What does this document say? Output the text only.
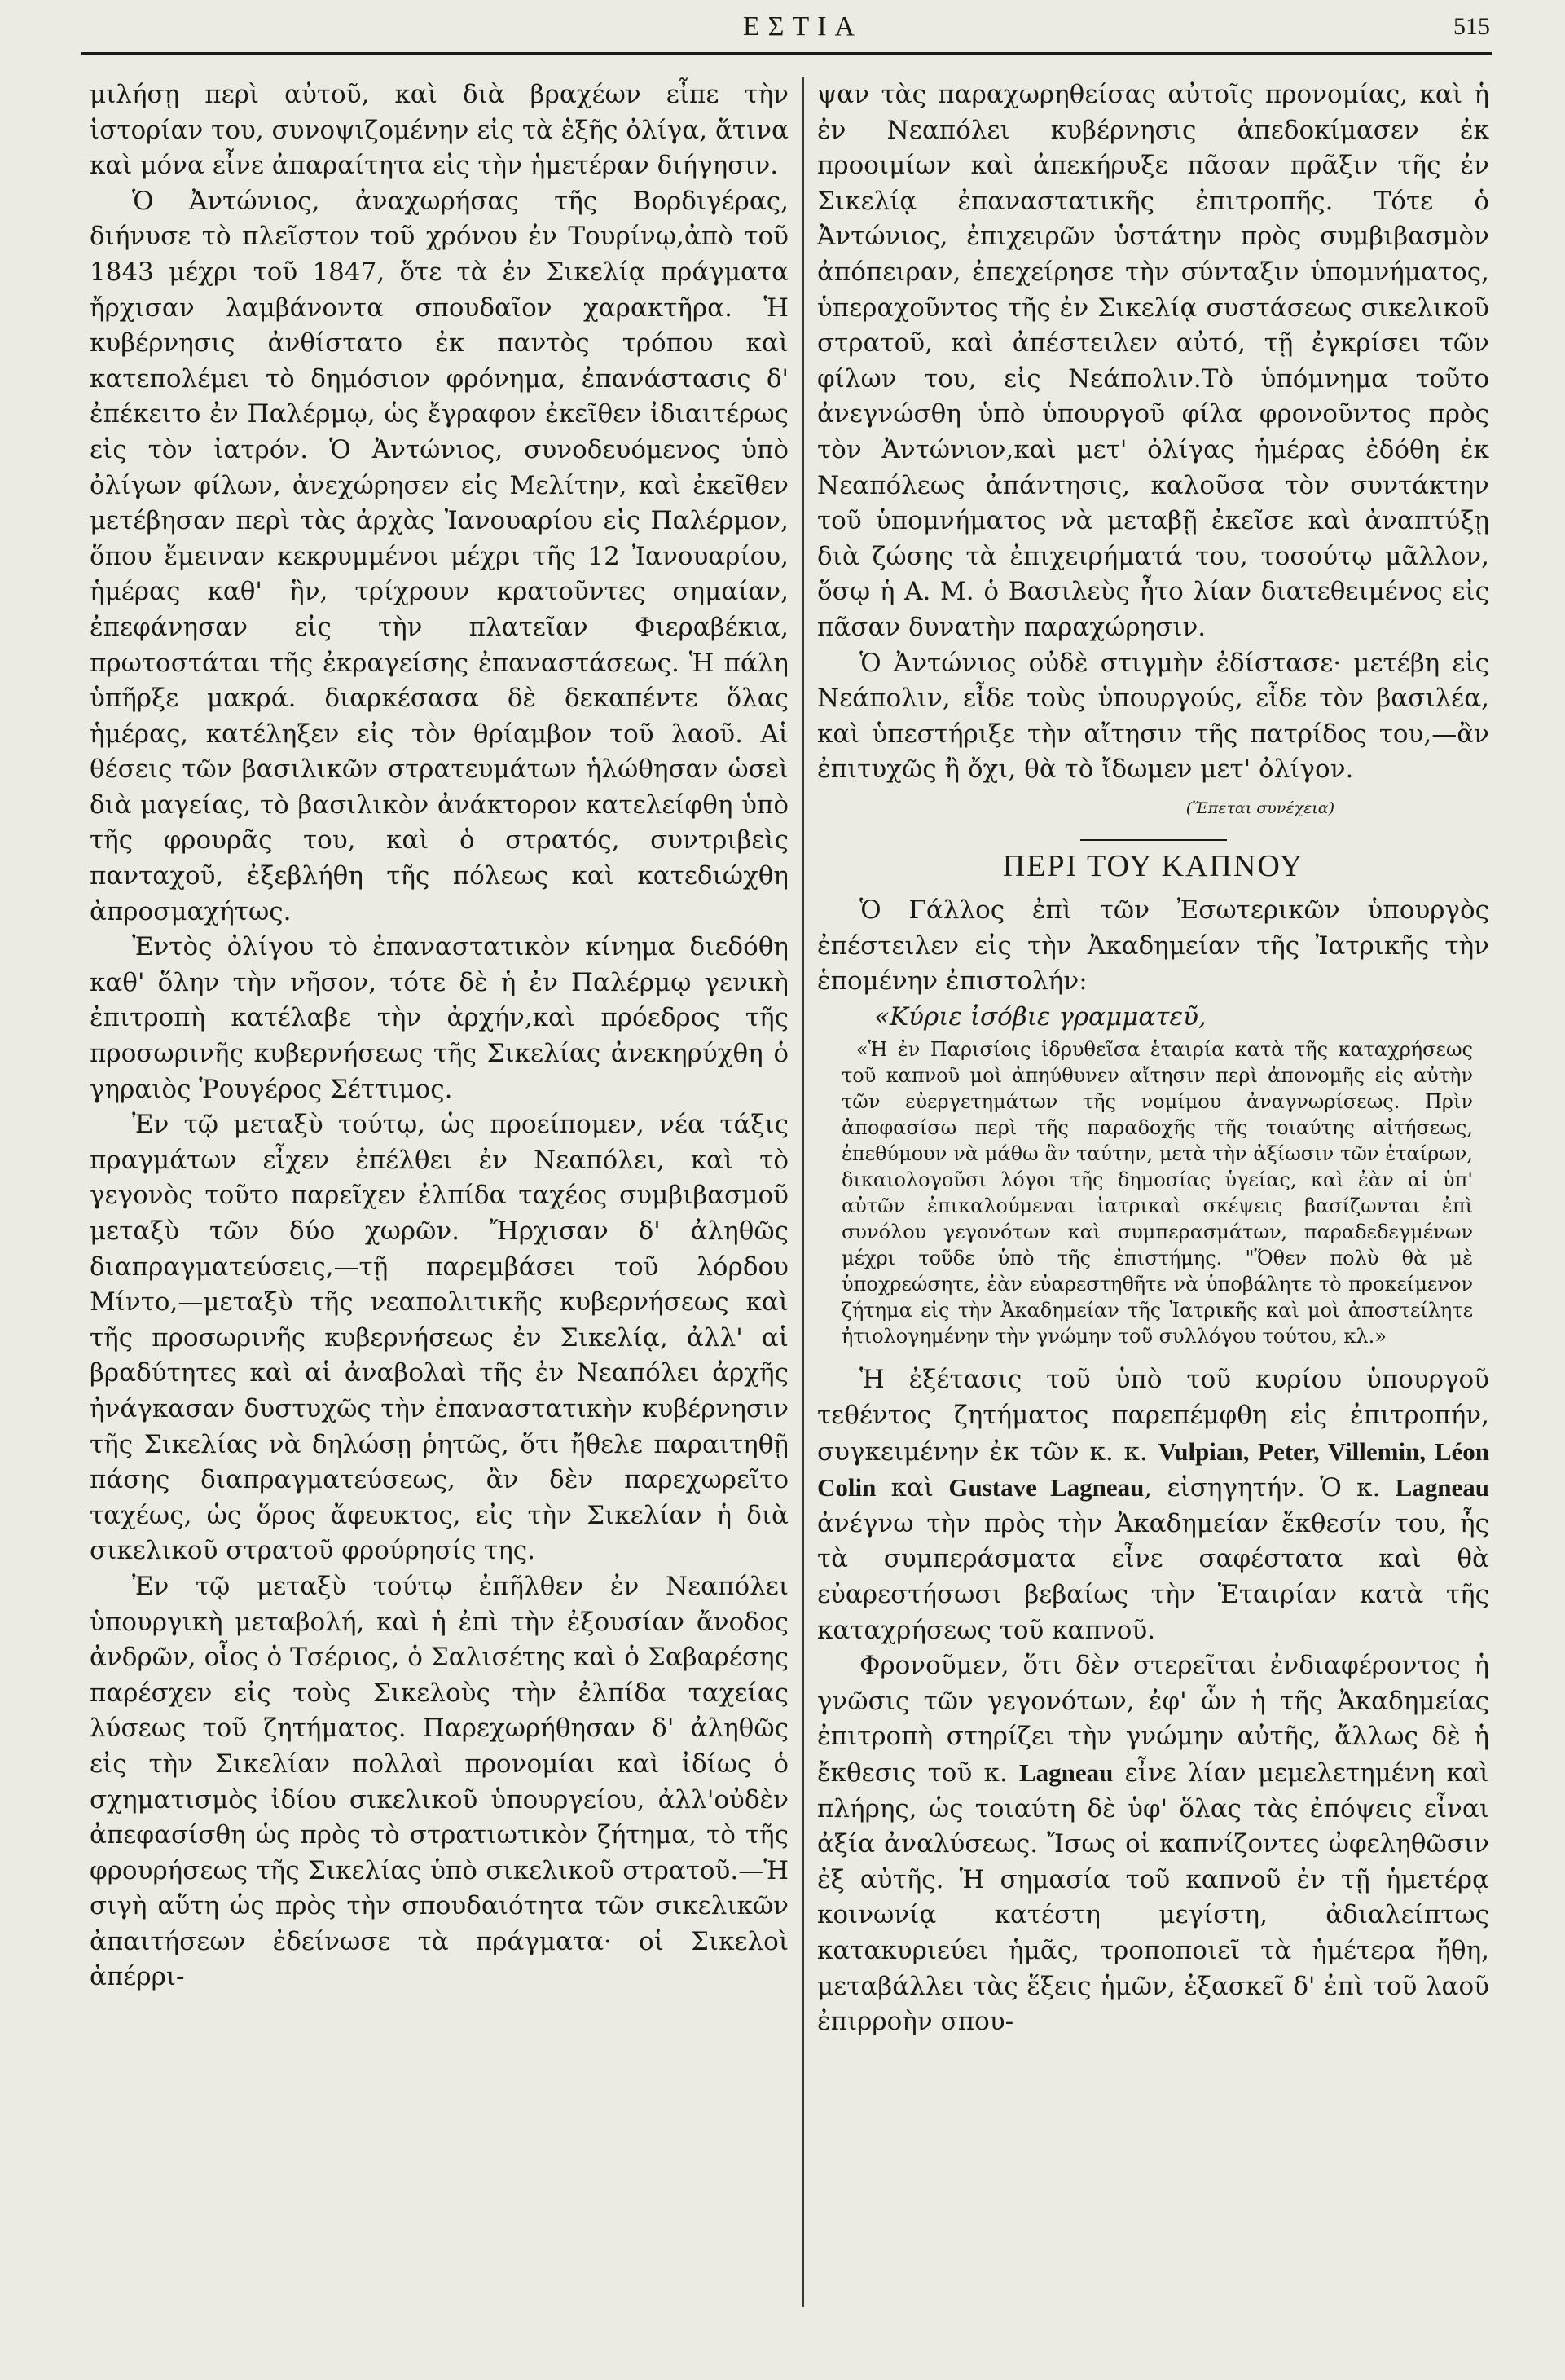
ΕΣΤΙΑ	515

μιλήσῃ περὶ αὐτοῦ, καὶ διὰ βραχέων εἶπε τὴν ἱστορίαν του, συνοψιζομένην εἰς τὰ ἑξῆς ὀλίγα, ἅτινα καὶ μόνα εἶνε ἀπαραίτητα εἰς τὴν ἡμετέραν διήγησιν.

Ὁ Ἀντώνιος, ἀναχωρήσας τῆς Βορδιγέρας, διήνυσε τὸ πλεῖστον τοῦ χρόνου ἐν Τουρίνῳ,ἀπὸ τοῦ 1843 μέχρι τοῦ 1847, ὅτε τὰ ἐν Σικελίᾳ πράγματα ἤρχισαν λαμβάνοντα σπουδαῖον χαρακτῆρα. Ἡ κυβέρνησις ἀνθίστατο ἐκ παντὸς τρόπου καὶ κατεπολέμει τὸ δημόσιον φρόνημα, ἐπανάστασις δ' ἐπέκειτο ἐν Παλέρμῳ, ὡς ἔγραφον ἐκεῖθεν ἰδιαιτέρως εἰς τὸν ἰατρόν. Ὁ Ἀντώνιος, συνοδευόμενος ὑπὸ ὀλίγων φίλων, ἀνεχώρησεν εἰς Μελίτην, καὶ ἐκεῖθεν μετέβησαν περὶ τὰς ἀρχὰς Ἰανουαρίου εἰς Παλέρμον, ὅπου ἔμειναν κεκρυμμένοι μέχρι τῆς 12 Ἰανουαρίου, ἡμέρας καθ' ἣν, τρίχρουν κρατοῦντες σημαίαν, ἐπεφάνησαν εἰς τὴν πλατεῖαν Φιεραβέκια, πρωτοστάται τῆς ἐκραγείσης ἐπαναστάσεως. Ἡ πάλη ὑπῆρξε μακρά. διαρκέσασα δὲ δεκαπέντε ὅλας ἡμέρας, κατέληξεν εἰς τὸν θρίαμβον τοῦ λαοῦ. Αἱ θέσεις τῶν βασιλικῶν στρατευμάτων ἡλώθησαν ὡσεὶ διὰ μαγείας, τὸ βασιλικὸν ἀνάκτορον κατελείφθη ὑπὸ τῆς φρουρᾶς του, καὶ ὁ στρατός, συντριβεὶς πανταχοῦ, ἐξεβλήθη τῆς πόλεως καὶ κατεδιώχθη ἀπροσμαχήτως.

Ἐντὸς ὀλίγου τὸ ἐπαναστατικὸν κίνημα διεδόθη καθ' ὅλην τὴν νῆσον, τότε δὲ ἡ ἐν Παλέρμῳ γενικὴ ἐπιτροπὴ κατέλαβε τὴν ἀρχήν,καὶ πρόεδρος τῆς προσωρινῆς κυβερνήσεως τῆς Σικελίας ἀνεκηρύχθη ὁ γηραιὸς Ῥουγέρος Σέττιμος.

Ἐν τῷ μεταξὺ τούτῳ, ὡς προείπομεν, νέα τάξις πραγμάτων εἶχεν ἐπέλθει ἐν Νεαπόλει, καὶ τὸ γεγονὸς τοῦτο παρεῖχεν ἐλπίδα ταχέος συμβιβασμοῦ μεταξὺ τῶν δύο χωρῶν. Ἤρχισαν δ' ἀληθῶς διαπραγματεύσεις,—τῇ παρεμβάσει τοῦ λόρδου Μίντο,—μεταξὺ τῆς νεαπολιτικῆς κυβερνήσεως καὶ τῆς προσωρινῆς κυβερνήσεως ἐν Σικελίᾳ, ἀλλ' αἱ βραδύτητες καὶ αἱ ἀναβολαὶ τῆς ἐν Νεαπόλει ἀρχῆς ἠνάγκασαν δυστυχῶς τὴν ἐπαναστατικὴν κυβέρνησιν τῆς Σικελίας νὰ δηλώσῃ ῥητῶς, ὅτι ἤθελε παραιτηθῇ πάσης διαπραγματεύσεως, ἂν δὲν παρεχωρεῖτο ταχέως, ὡς ὅρος ἄφευκτος, εἰς τὴν Σικελίαν ἡ διὰ σικελικοῦ στρατοῦ φρούρησίς της.

Ἐν τῷ μεταξὺ τούτῳ ἐπῆλθεν ἐν Νεαπόλει ὑπουργικὴ μεταβολή, καὶ ἡ ἐπὶ τὴν ἐξουσίαν ἄνοδος ἀνδρῶν, οἷος ὁ Τσέριος, ὁ Σαλισέτης καὶ ὁ Σαβαρέσης παρέσχεν εἰς τοὺς Σικελοὺς τὴν ἐλπίδα ταχείας λύσεως τοῦ ζητήματος. Παρεχωρήθησαν δ' ἀληθῶς εἰς τὴν Σικελίαν πολλαὶ προνομίαι καὶ ἰδίως ὁ σχηματισμὸς ἰδίου σικελικοῦ ὑπουργείου, ἀλλ'οὐδὲν ἀπεφασίσθη ὡς πρὸς τὸ στρατιωτικὸν ζήτημα, τὸ τῆς φρουρήσεως τῆς Σικελίας ὑπὸ σικελικοῦ στρατοῦ.—Ἡ σιγὴ αὕτη ὡς πρὸς τὴν σπουδαιότητα τῶν σικελικῶν ἀπαιτήσεων ἐδείνωσε τὰ πράγματα· οἱ Σικελοὶ ἀπέρρι-

ψαν τὰς παραχωρηθείσας αὐτοῖς προνομίας, καὶ ἡ ἐν Νεαπόλει κυβέρνησις ἀπεδοκίμασεν ἐκ προοιμίων καὶ ἀπεκήρυξε πᾶσαν πρᾶξιν τῆς ἐν Σικελίᾳ ἐπαναστατικῆς ἐπιτροπῆς. Τότε ὁ Ἀντώνιος, ἐπιχειρῶν ὑστάτην πρὸς συμβιβασμὸν ἀπόπειραν, ἐπεχείρησε τὴν σύνταξιν ὑπομνήματος, ὑπεραχοῦντος τῆς ἐν Σικελίᾳ συστάσεως σικελικοῦ στρατοῦ, καὶ ἀπέστειλεν αὐτό, τῇ ἐγκρίσει τῶν φίλων του, εἰς Νεάπολιν.Τὸ ὑπόμνημα τοῦτο ἀνεγνώσθη ὑπὸ ὑπουργοῦ φίλα φρονοῦντος πρὸς τὸν Ἀντώνιον,καὶ μετ' ὀλίγας ἡμέρας ἐδόθη ἐκ Νεαπόλεως ἀπάντησις, καλοῦσα τὸν συντάκτην τοῦ ὑπομνήματος νὰ μεταβῇ ἐκεῖσε καὶ ἀναπτύξῃ διὰ ζώσης τὰ ἐπιχειρήματά του, τοσούτῳ μᾶλλον, ὅσῳ ἡ Α. Μ. ὁ Βασιλεὺς ἦτο λίαν διατεθειμένος εἰς πᾶσαν δυνατὴν παραχώρησιν.

Ὁ Ἀντώνιος οὐδὲ στιγμὴν ἐδίστασε· μετέβη εἰς Νεάπολιν, εἶδε τοὺς ὑπουργούς, εἶδε τὸν βασιλέα, καὶ ὑπεστήριξε τὴν αἴτησιν τῆς πατρίδος του,—ἂν ἐπιτυχῶς ἢ ὄχι, θὰ τὸ ἴδωμεν μετ' ὀλίγον.

(Ἕπεται συνέχεια)
ΠΕΡΙ ΤΟΥ ΚΑΠΝΟΥ

Ὁ Γάλλος ἐπὶ τῶν Ἐσωτερικῶν ὑπουργὸς ἐπέστειλεν εἰς τὴν Ἀκαδημείαν τῆς Ἰατρικῆς τὴν ἑπομένην ἐπιστολήν:

«Κύριε ἰσόβιε γραμματεῦ,

«Ἡ ἐν Παρισίοις ἱδρυθεῖσα ἑταιρία κατὰ τῆς καταχρήσεως τοῦ καπνοῦ μοὶ ἀπηύθυνεν αἴτησιν περὶ ἀπονομῆς εἰς αὐτὴν τῶν εὐεργετημάτων τῆς νομίμου ἀναγνωρίσεως. Πρὶν ἀποφασίσω περὶ τῆς παραδοχῆς τῆς τοιαύτης αἰτήσεως, ἐπεθύμουν νὰ μάθω ἂν ταύτην, μετὰ τὴν ἀξίωσιν τῶν ἑταίρων, δικαιολογοῦσι λόγοι τῆς δημοσίας ὑγείας, καὶ ἐὰν αἱ ὑπ' αὐτῶν ἐπικαλούμεναι ἰατρικαὶ σκέψεις βασίζωνται ἐπὶ συνόλου γεγονότων καὶ συμπερασμάτων, παραδεδεγμένων μέχρι τοῦδε ὑπὸ τῆς ἐπιστήμης. "Ὅθεν πολὺ θὰ μὲ ὑποχρεώσητε, ἐὰν εὐαρεστηθῆτε νὰ ὑποβάλητε τὸ προκείμενον ζήτημα εἰς τὴν Ἀκαδημείαν τῆς Ἰατρικῆς καὶ μοὶ ἀποστείλητε ἠτιολογημένην τὴν γνώμην τοῦ συλλόγου τούτου, κλ.»

Ἡ ἐξέτασις τοῦ ὑπὸ τοῦ κυρίου ὑπουργοῦ τεθέντος ζητήματος παρεπέμφθη εἰς ἐπιτροπήν, συγκειμένην ἐκ τῶν κ. κ. Vulpian, Peter, Villemin, Léon Colin καὶ Gustave Lagneau, εἰσηγητήν. Ὁ κ. Lagneau ἀνέγνω τὴν πρὸς τὴν Ἀκαδημείαν ἔκθεσίν του, ἧς τὰ συμπεράσματα εἶνε σαφέστατα καὶ θὰ εὐαρεστήσωσι βεβαίως τὴν Ἑταιρίαν κατὰ τῆς καταχρήσεως τοῦ καπνοῦ.

Φρονοῦμεν, ὅτι δὲν στερεῖται ἐνδιαφέροντος ἡ γνῶσις τῶν γεγονότων, ἐφ' ὧν ἡ τῆς Ἀκαδημείας ἐπιτροπὴ στηρίζει τὴν γνώμην αὐτῆς, ἄλλως δὲ ἡ ἔκθεσις τοῦ κ. Lagneau εἶνε λίαν μεμελετημένη καὶ πλήρης, ὡς τοιαύτη δὲ ὑφ' ὅλας τὰς ἐπόψεις εἶναι ἀξία ἀναλύσεως. Ἴσως οἱ καπνίζοντες ὠφεληθῶσιν ἐξ αὐτῆς. Ἡ σημασία τοῦ καπνοῦ ἐν τῇ ἡμετέρᾳ κοινωνίᾳ κατέστη μεγίστη, ἀδιαλείπτως κατακυριεύει ἡμᾶς, τροποποιεῖ τὰ ἡμέτερα ἤθη, μεταβάλλει τὰς ἕξεις ἡμῶν, ἐξασκεῖ δ' ἐπὶ τοῦ λαοῦ ἐπιρροὴν σπου-
